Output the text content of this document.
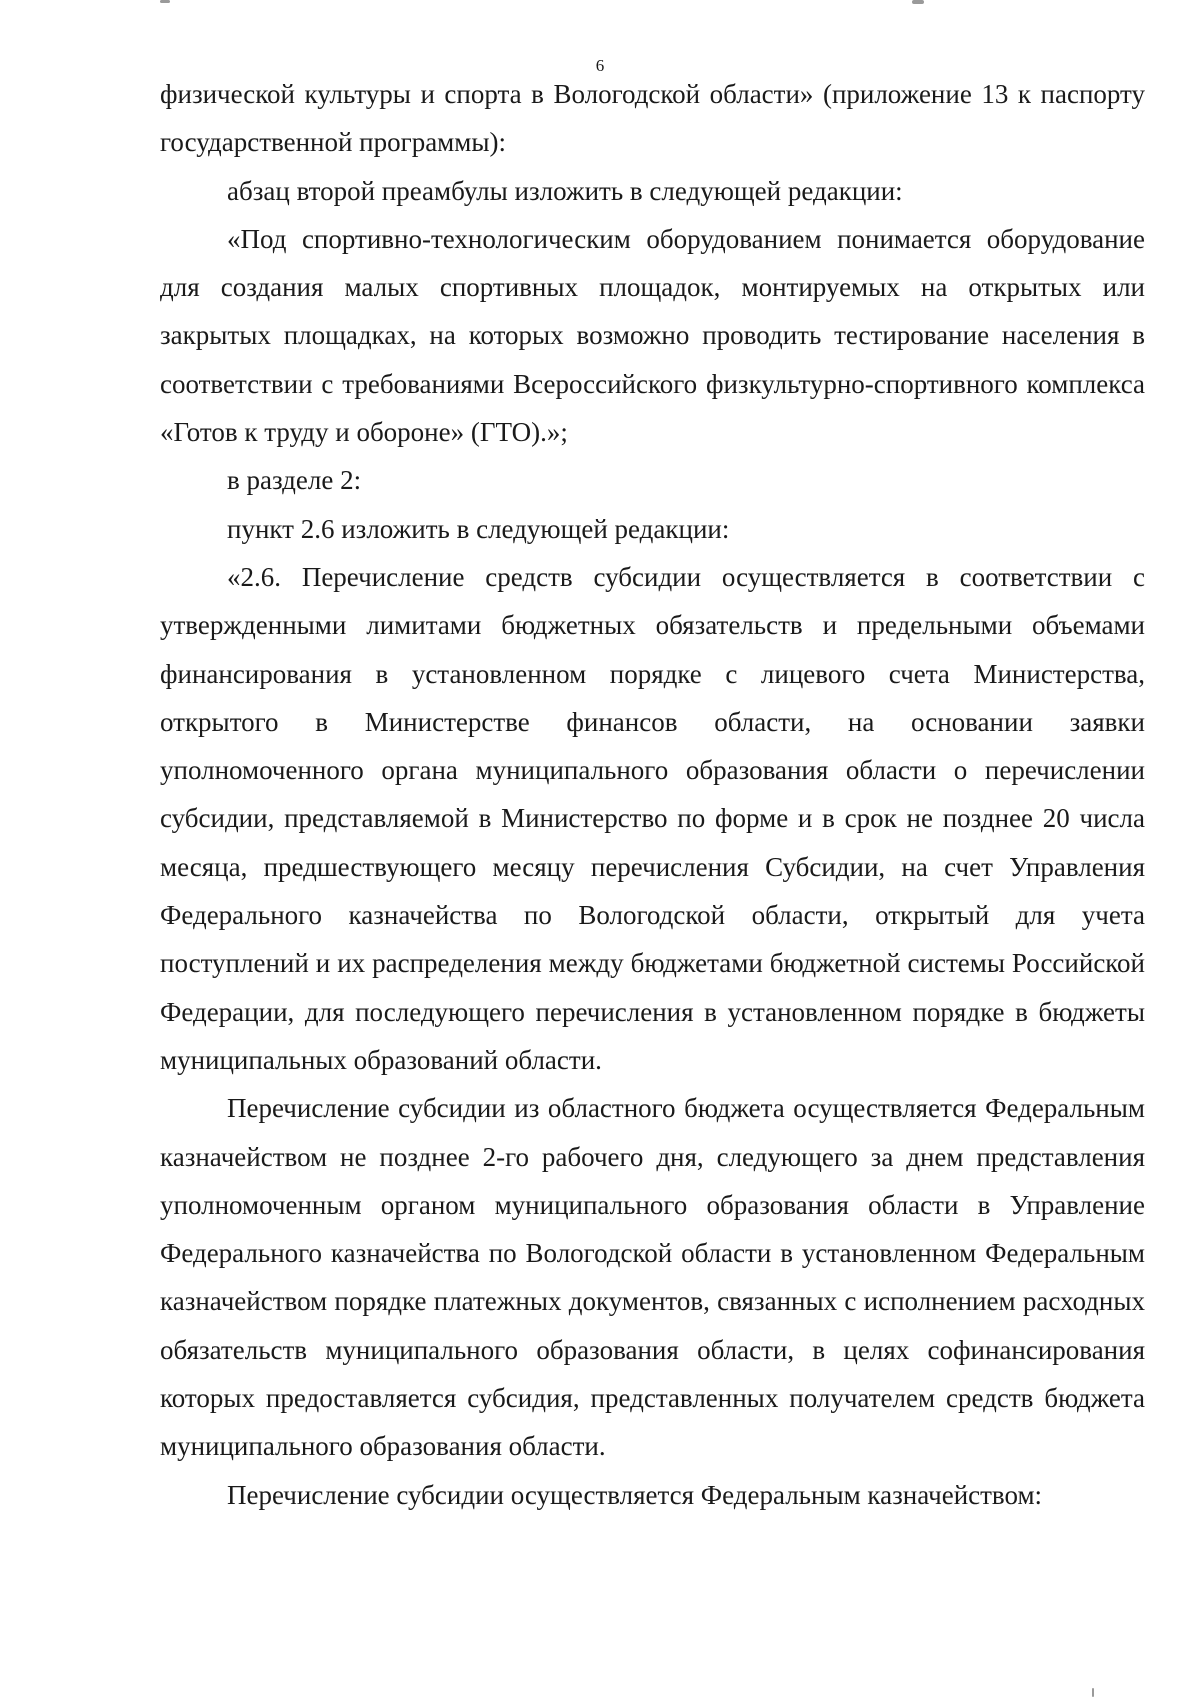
6

физической культуры и спорта в Вологодской области» (приложение 13 к паспорту государственной программы):

абзац второй преамбулы изложить в следующей редакции:

«Под спортивно-технологическим оборудованием понимается оборудование для создания малых спортивных площадок, монтируемых на открытых или закрытых площадках, на которых возможно проводить тестирование населения в соответствии с требованиями Всероссийского физкультурно-спортивного комплекса «Готов к труду и обороне» (ГТО).»;

в разделе 2:

пункт 2.6 изложить в следующей редакции:

«2.6. Перечисление средств субсидии осуществляется в соответствии с утвержденными лимитами бюджетных обязательств и предельными объемами финансирования в установленном порядке с лицевого счета Министерства, открытого в Министерстве финансов области, на основании заявки уполномоченного органа муниципального образования области о перечислении субсидии, представляемой в Министерство по форме и в срок не позднее 20 числа месяца, предшествующего месяцу перечисления Субсидии, на счет Управления Федерального казначейства по Вологодской области, открытый для учета поступлений и их распределения между бюджетами бюджетной системы Российской Федерации, для последующего перечисления в установленном порядке в бюджеты муниципальных образований области.

Перечисление субсидии из областного бюджета осуществляется Федеральным казначейством не позднее 2-го рабочего дня, следующего за днем представления уполномоченным органом муниципального образования области в Управление Федерального казначейства по Вологодской области в установленном Федеральным казначейством порядке платежных документов, связанных с исполнением расходных обязательств муниципального образования области, в целях софинансирования которых предоставляется субсидия, представленных получателем средств бюджета муниципального образования области.

Перечисление субсидии осуществляется Федеральным казначейством:
